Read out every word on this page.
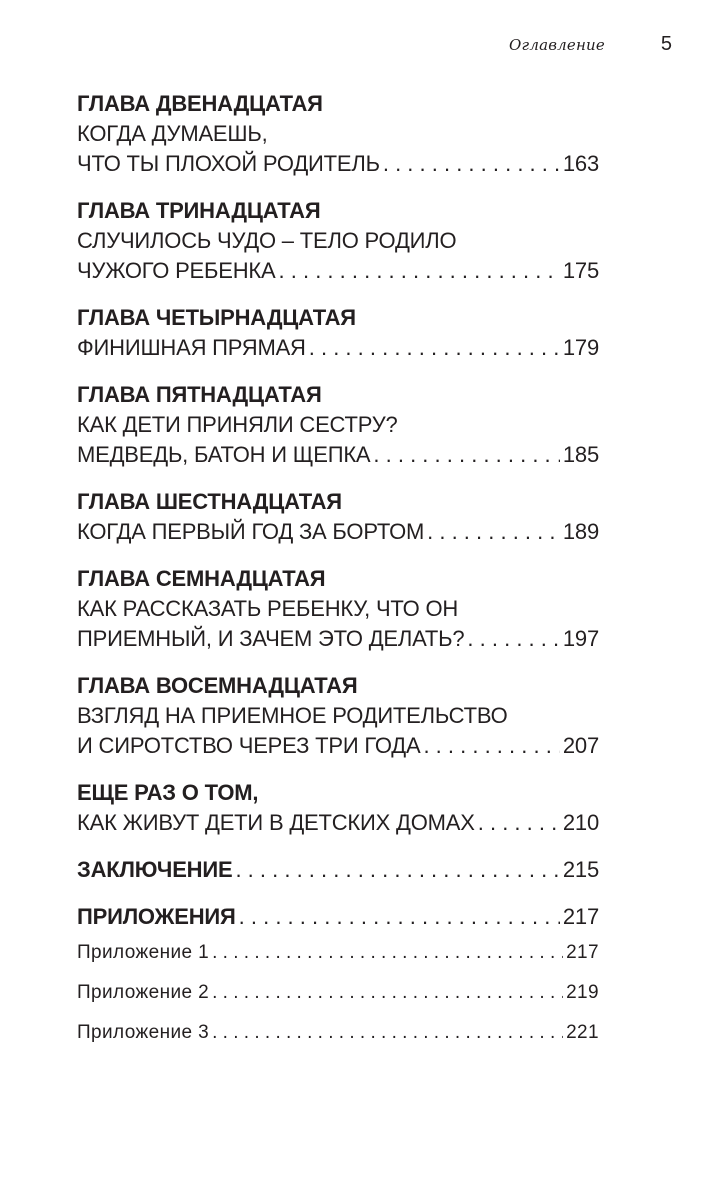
Оглавление	5
ГЛАВА ДВЕНАДЦАТАЯ
КОГДА ДУМАЕШЬ,
ЧТО ТЫ ПЛОХОЙ РОДИТЕЛЬ . . .	163
ГЛАВА ТРИНАДЦАТАЯ
СЛУЧИЛОСЬ ЧУДО – ТЕЛО РОДИЛО
ЧУЖОГО РЕБЕНКА . . .	175
ГЛАВА ЧЕТЫРНАДЦАТАЯ
ФИНИШНАЯ ПРЯМАЯ . . .	179
ГЛАВА ПЯТНАДЦАТАЯ
КАК ДЕТИ ПРИНЯЛИ СЕСТРУ?
МЕДВЕДЬ, БАТОН И ЩЕПКА . . .	185
ГЛАВА ШЕСТНАДЦАТАЯ
КОГДА ПЕРВЫЙ ГОД ЗА БОРТОМ . . .	189
ГЛАВА СЕМНАДЦАТАЯ
КАК РАССКАЗАТЬ РЕБЕНКУ, ЧТО ОН
ПРИЕМНЫЙ, И ЗАЧЕМ ЭТО ДЕЛАТЬ? . . .	197
ГЛАВА ВОСЕМНАДЦАТАЯ
ВЗГЛЯД НА ПРИЕМНОЕ РОДИТЕЛЬСТВО
И СИРОТСТВО ЧЕРЕЗ ТРИ ГОДА . . .	207
ЕЩЕ РАЗ О ТОМ,
КАК ЖИВУТ ДЕТИ В ДЕТСКИХ ДОМАХ . . .	210
ЗАКЛЮЧЕНИЕ . . .	215
ПРИЛОЖЕНИЯ . . .	217
Приложение 1 . . .	217
Приложение 2 . . .	219
Приложение 3 . . .	221
